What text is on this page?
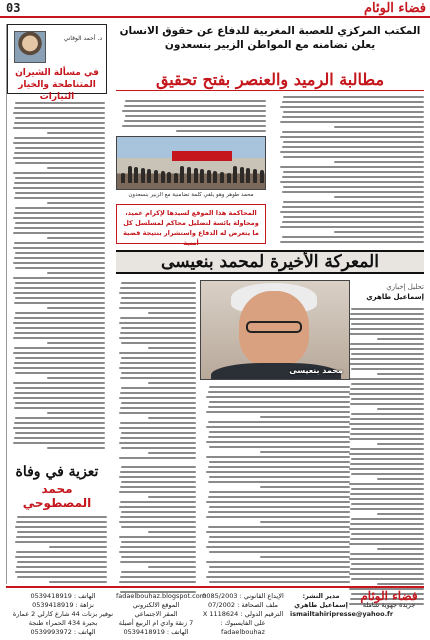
فضاء الوئام
03
د. أحمد الوقاني
في مسألة الشيران المتناطحة والخيار التيارات
تعزية في وفاة
محمد المصطوحي
المكتب المركزي للعصبة المغربية للدفاع عن حقوق الانسان يعلن تضامنه مع المواطن الزبير بنسعدون
مطالبة الرميد والعنصر بفتح تحقيق
محمد طوهر وهو يلقي كلمة تضامنية مع الزبير بنسعدون
المحاكمة هذا الموقع لسيدها لإكرام عميد، ومحاولة يائسة لتضليل محاكم لمسلسل كل ما يتعرض له الدفاع واستشرار بنتيجة قضية أمنية
المعركة الأخيرة لمحمد بنعيسى
تحليل إخباري
إسماعيل طاهري
محمد بنعيسى
فضاء الوئام
جريدة جهوية شاملة
مدير النشر:
إسماعيل طاهري
ismailtahiripresse@yahoo.fr
الإيداع القانوني : 0085/2003
ملف الصحافة : 07/2002
الترقيم الدولي : 1118624 X
على الفايسبوك : fadaelbouhaz
fadaelbouhaz.blogspot.com
الموقع الالكتروني
المقر الاجتماعي
7 زنقة وادي ام الربيع أصيلة
الهاتف : 0539418919
الهاتف : 0539418919
نزاهة : 0539418919
نوفير بزنات 44 شارع كارلي 2 عمارة
بحيرة 434 الحمراء طنجة
الهاتف : 0539993972
